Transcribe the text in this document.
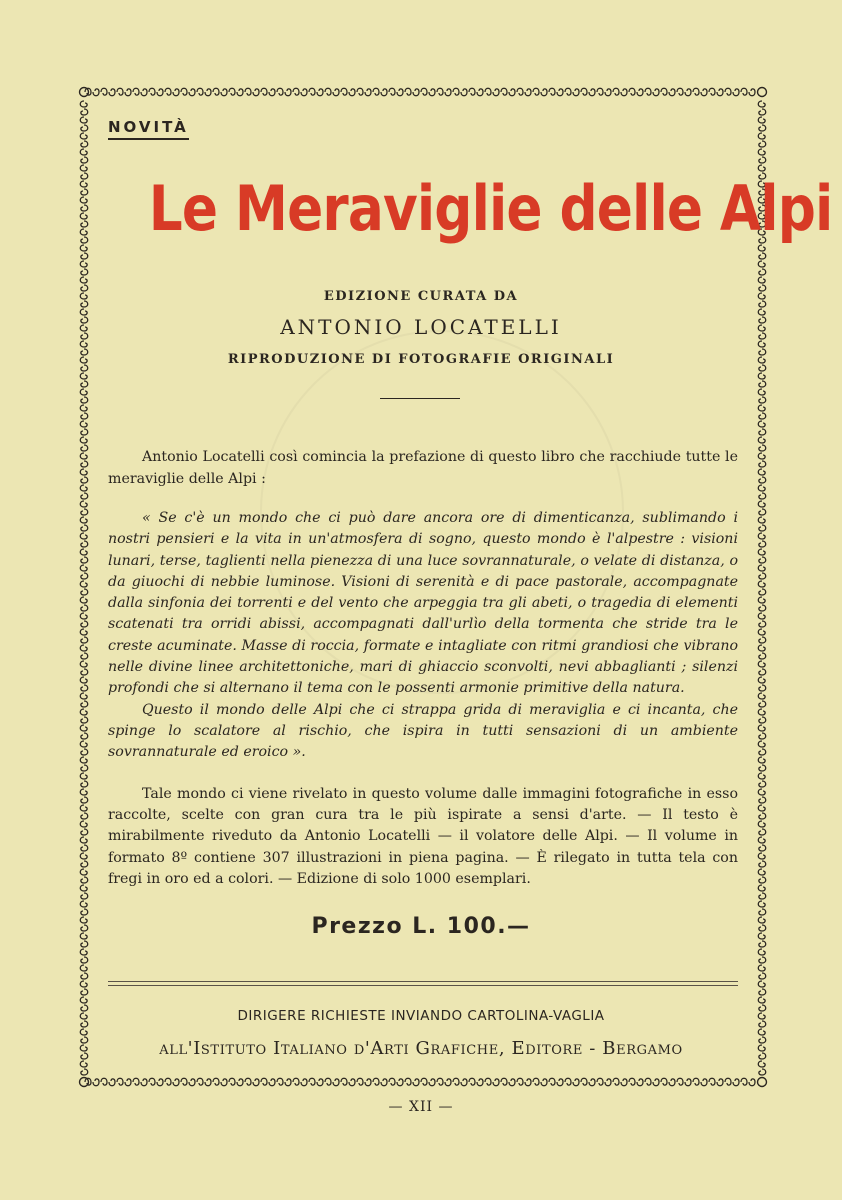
NOVITÀ
Le Meraviglie delle Alpi
EDIZIONE CURATA DA
ANTONIO LOCATELLI
RIPRODUZIONE DI FOTOGRAFIE ORIGINALI
Antonio Locatelli così comincia la prefazione di questo libro che racchiude tutte le meraviglie delle Alpi :

« Se c'è un mondo che ci può dare ancora ore di dimenticanza, sublimando i nostri pensieri e la vita in un'atmosfera di sogno, questo mondo è l'alpestre : visioni lunari, terse, taglienti nella pienezza di una luce sovrannaturale, o velate di distanza, o da giuochi di nebbie luminose. Visioni di serenità e di pace pastorale, accompagnate dalla sinfonia dei torrenti e del vento che arpeggia tra gli abeti, o tragedia di elementi scatenati tra orridi abissi, accompagnati dall'urlìo della tormenta che stride tra le creste acuminate. Masse di roccia, formate e intagliate con ritmi grandiosi che vibrano nelle divine linee architettoniche, mari di ghiaccio sconvolti, nevi abbaglianti ; silenzi profondi che si alternano il tema con le possenti armonie primitive della natura.

Questo il mondo delle Alpi che ci strappa grida di meraviglia e ci incanta, che spinge lo scalatore al rischio, che ispira in tutti sensazioni di un ambiente sovrannaturale ed eroico ».

Tale mondo ci viene rivelato in questo volume dalle immagini fotografiche in esso raccolte, scelte con gran cura tra le più ispirate a sensi d'arte. — Il testo è mirabilmente riveduto da Antonio Locatelli — il volatore delle Alpi. — Il volume in formato 8º contiene 307 illustrazioni in piena pagina. — È rilegato in tutta tela con fregi in oro ed a colori. — Edizione di solo 1000 esemplari.
Prezzo L. 100.—
DIRIGERE RICHIESTE INVIANDO CARTOLINA-VAGLIA
all'Istituto Italiano d'Arti Grafiche, Editore - Bergamo
— XII —
